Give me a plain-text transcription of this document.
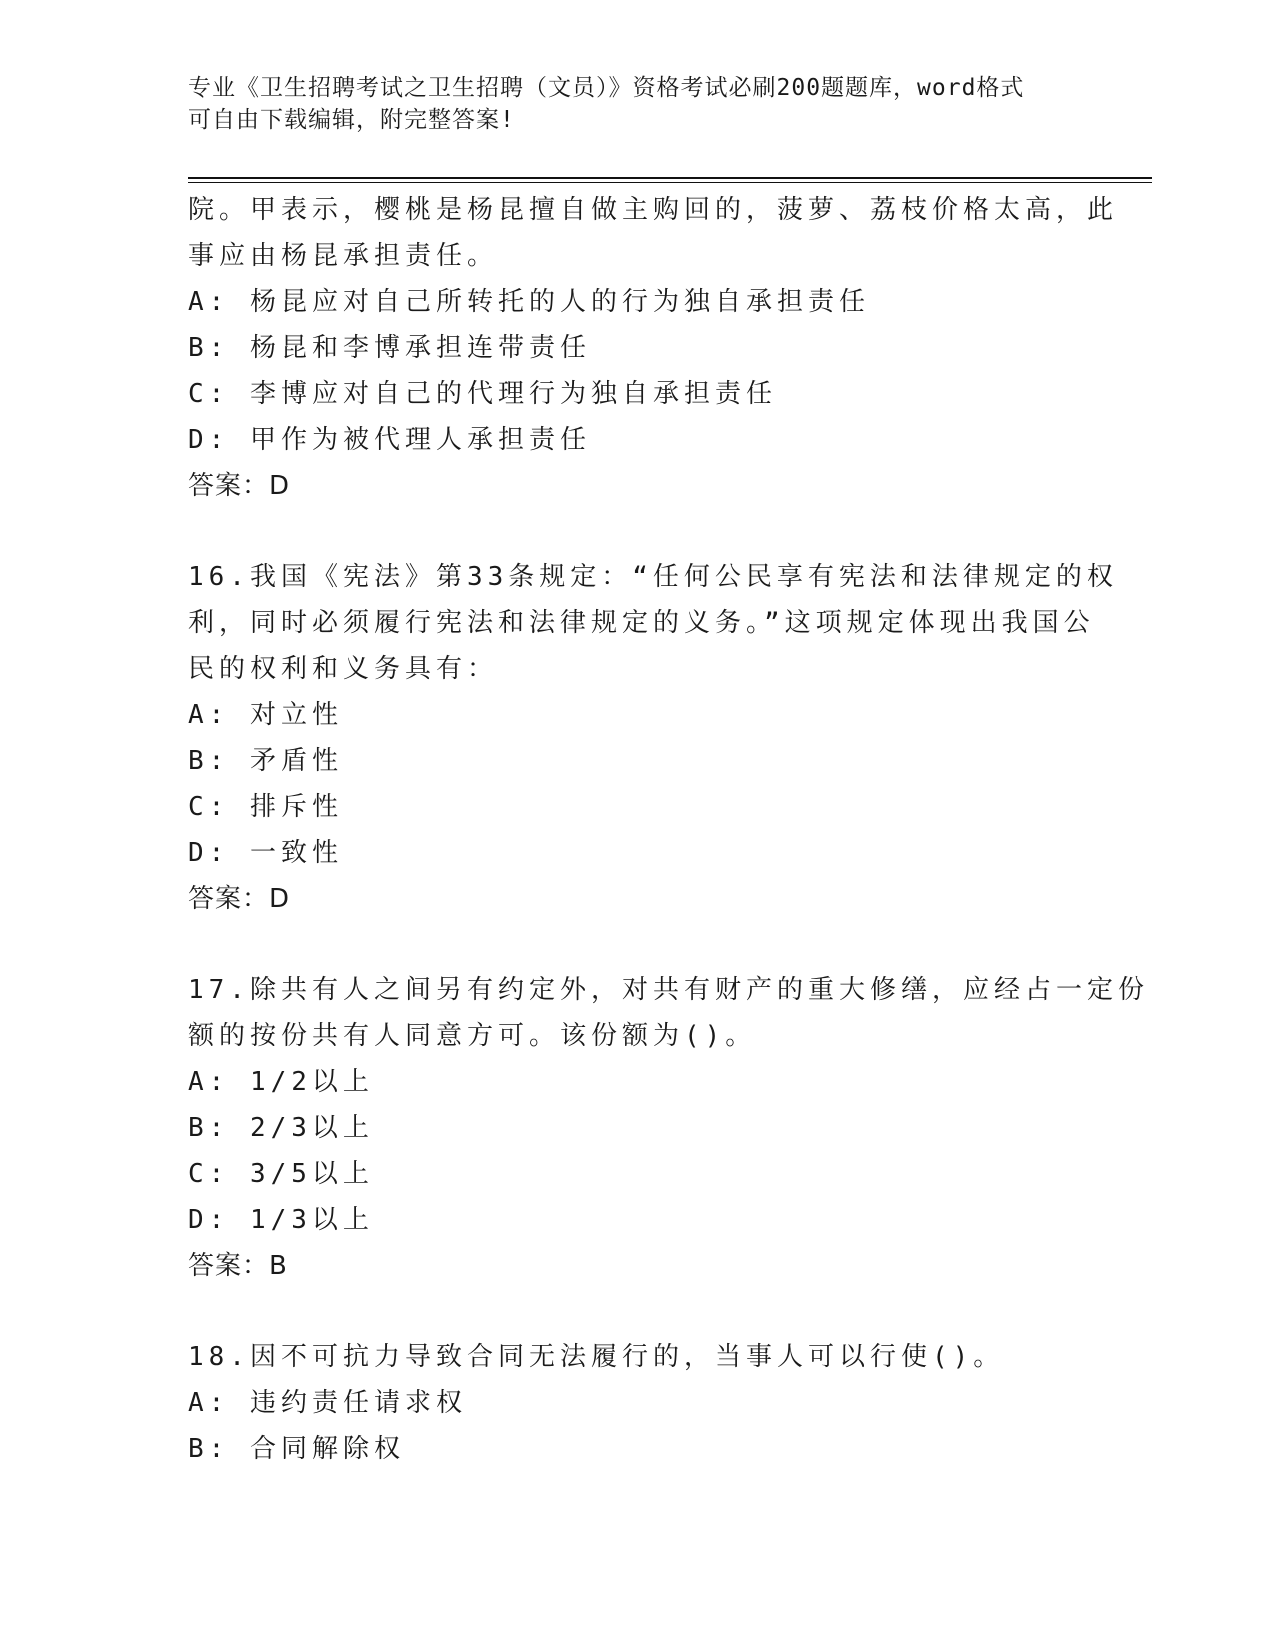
专业《卫生招聘考试之卫生招聘（文员）》资格考试必刷200题题库，word格式
可自由下载编辑，附完整答案!
院。甲表示，樱桃是杨昆擅自做主购回的，菠萝、荔枝价格太高，此
事应由杨昆承担责任。
A: 杨昆应对自己所转托的人的行为独自承担责任
B: 杨昆和李博承担连带责任
C: 李博应对自己的代理行为独自承担责任
D: 甲作为被代理人承担责任
答案：D
16.我国《宪法》第33条规定：“任何公民享有宪法和法律规定的权
利，同时必须履行宪法和法律规定的义务。”这项规定体现出我国公
民的权利和义务具有：
A: 对立性
B: 矛盾性
C: 排斥性
D: 一致性
答案：D
17.除共有人之间另有约定外，对共有财产的重大修缮，应经占一定份
额的按份共有人同意方可。该份额为()。
A: 1/2以上
B: 2/3以上
C: 3/5以上
D: 1/3以上
答案：B
18.因不可抗力导致合同无法履行的，当事人可以行使()。
A: 违约责任请求权
B: 合同解除权
